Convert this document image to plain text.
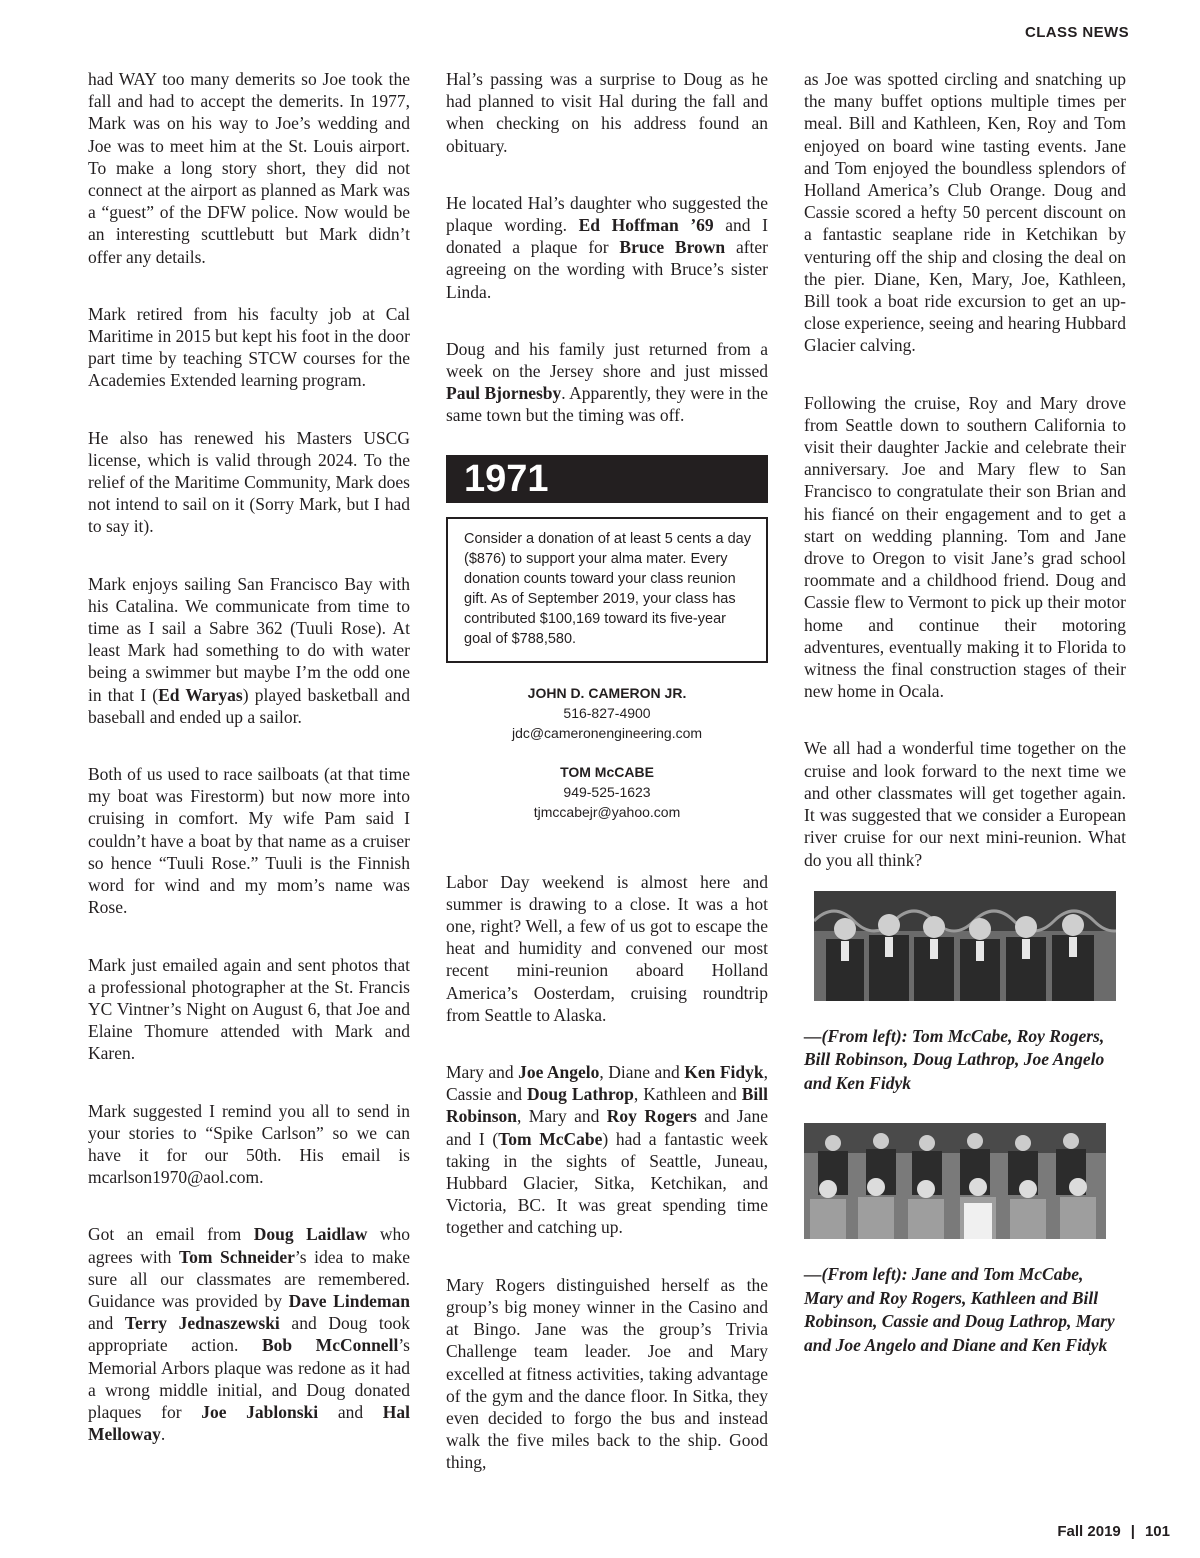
CLASS NEWS

had WAY too many demerits so Joe took the fall and had to accept the demerits. In 1977, Mark was on his way to Joe’s wedding and Joe was to meet him at the St. Louis airport. To make a long story short, they did not connect at the airport as planned as Mark was a “guest” of the DFW police. Now would be an interesting scuttlebutt but Mark didn’t offer any details.

Mark retired from his faculty job at Cal Maritime in 2015 but kept his foot in the door part time by teaching STCW courses for the Academies Extended learning program.

He also has renewed his Masters USCG license, which is valid through 2024. To the relief of the Maritime Community, Mark does not intend to sail on it (Sorry Mark, but I had to say it).

Mark enjoys sailing San Francisco Bay with his Catalina. We communicate from time to time as I sail a Sabre 362 (Tuuli Rose). At least Mark had something to do with water being a swimmer but maybe I’m the odd one in that I (Ed Waryas) played basketball and baseball and ended up a sailor.

Both of us used to race sailboats (at that time my boat was Firestorm) but now more into cruising in comfort. My wife Pam said I couldn’t have a boat by that name as a cruiser so hence “Tuuli Rose.” Tuuli is the Finnish word for wind and my mom’s name was Rose.

Mark just emailed again and sent photos that a professional photographer at the St. Francis YC Vintner’s Night on August 6, that Joe and Elaine Thomure attended with Mark and Karen.

Mark suggested I remind you all to send in your stories to “Spike Carlson” so we can have it for our 50th. His email is mcarlson1970@aol.com.

Got an email from Doug Laidlaw who agrees with Tom Schneider’s idea to make sure all our classmates are remembered. Guidance was provided by Dave Lindeman and Terry Jednaszewski and Doug took appropriate action. Bob McConnell’s Memorial Arbors plaque was redone as it had a wrong middle initial, and Doug donated plaques for Joe Jablonski and Hal Melloway.

Hal’s passing was a surprise to Doug as he had planned to visit Hal during the fall and when checking on his address found an obituary.

He located Hal’s daughter who suggested the plaque wording. Ed Hoffman ’69 and I donated a plaque for Bruce Brown after agreeing on the wording with Bruce’s sister Linda.

Doug and his family just returned from a week on the Jersey shore and just missed Paul Bjornesby. Apparently, they were in the same town but the timing was off.

1971
Consider a donation of at least 5 cents a day ($876) to support your alma mater. Every donation counts toward your class reunion gift. As of September 2019, your class has contributed $100,169 toward its five-year goal of $788,580.
JOHN D. CAMERON JR.
516-827-4900
jdc@cameronengineering.com
TOM McCABE
949-525-1623
tjmccabejr@yahoo.com

Labor Day weekend is almost here and summer is drawing to a close. It was a hot one, right? Well, a few of us got to escape the heat and humidity and convened our most recent mini-reunion aboard Holland America’s Oosterdam, cruising roundtrip from Seattle to Alaska.

Mary and Joe Angelo, Diane and Ken Fidyk, Cassie and Doug Lathrop, Kathleen and Bill Robinson, Mary and Roy Rogers and Jane and I (Tom McCabe) had a fantastic week taking in the sights of Seattle, Juneau, Hubbard Glacier, Sitka, Ketchikan, and Victoria, BC. It was great spending time together and catching up.

Mary Rogers distinguished herself as the group’s big money winner in the Casino and at Bingo. Jane was the group’s Trivia Challenge team leader. Joe and Mary excelled at fitness activities, taking advantage of the gym and the dance floor. In Sitka, they even decided to forgo the bus and instead walk the five miles back to the ship. Good thing,

as Joe was spotted circling and snatching up the many buffet options multiple times per meal. Bill and Kathleen, Ken, Roy and Tom enjoyed on board wine tasting events. Jane and Tom enjoyed the boundless splendors of Holland America’s Club Orange. Doug and Cassie scored a hefty 50 percent discount on a fantastic seaplane ride in Ketchikan by venturing off the ship and closing the deal on the pier. Diane, Ken, Mary, Joe, Kathleen, Bill took a boat ride excursion to get an up-close experience, seeing and hearing Hubbard Glacier calving.

Following the cruise, Roy and Mary drove from Seattle down to southern California to visit their daughter Jackie and celebrate their anniversary. Joe and Mary flew to San Francisco to congratulate their son Brian and his fiancé on their engagement and to get a start on wedding planning. Tom and Jane drove to Oregon to visit Jane’s grad school roommate and a childhood friend. Doug and Cassie flew to Vermont to pick up their motor home and continue their motoring adventures, eventually making it to Florida to witness the final construction stages of their new home in Ocala.

We all had a wonderful time together on the cruise and look forward to the next time we and other classmates will get together again. It was suggested that we consider a European river cruise for our next mini-reunion. What do you all think?

—(From left): Tom McCabe, Roy Rogers, Bill Robinson, Doug Lathrop, Joe Angelo and Ken Fidyk

—(From left): Jane and Tom McCabe, Mary and Roy Rogers, Kathleen and Bill Robinson, Cassie and Doug Lathrop, Mary and Joe Angelo and Diane and Ken Fidyk

Fall 2019 | 101
